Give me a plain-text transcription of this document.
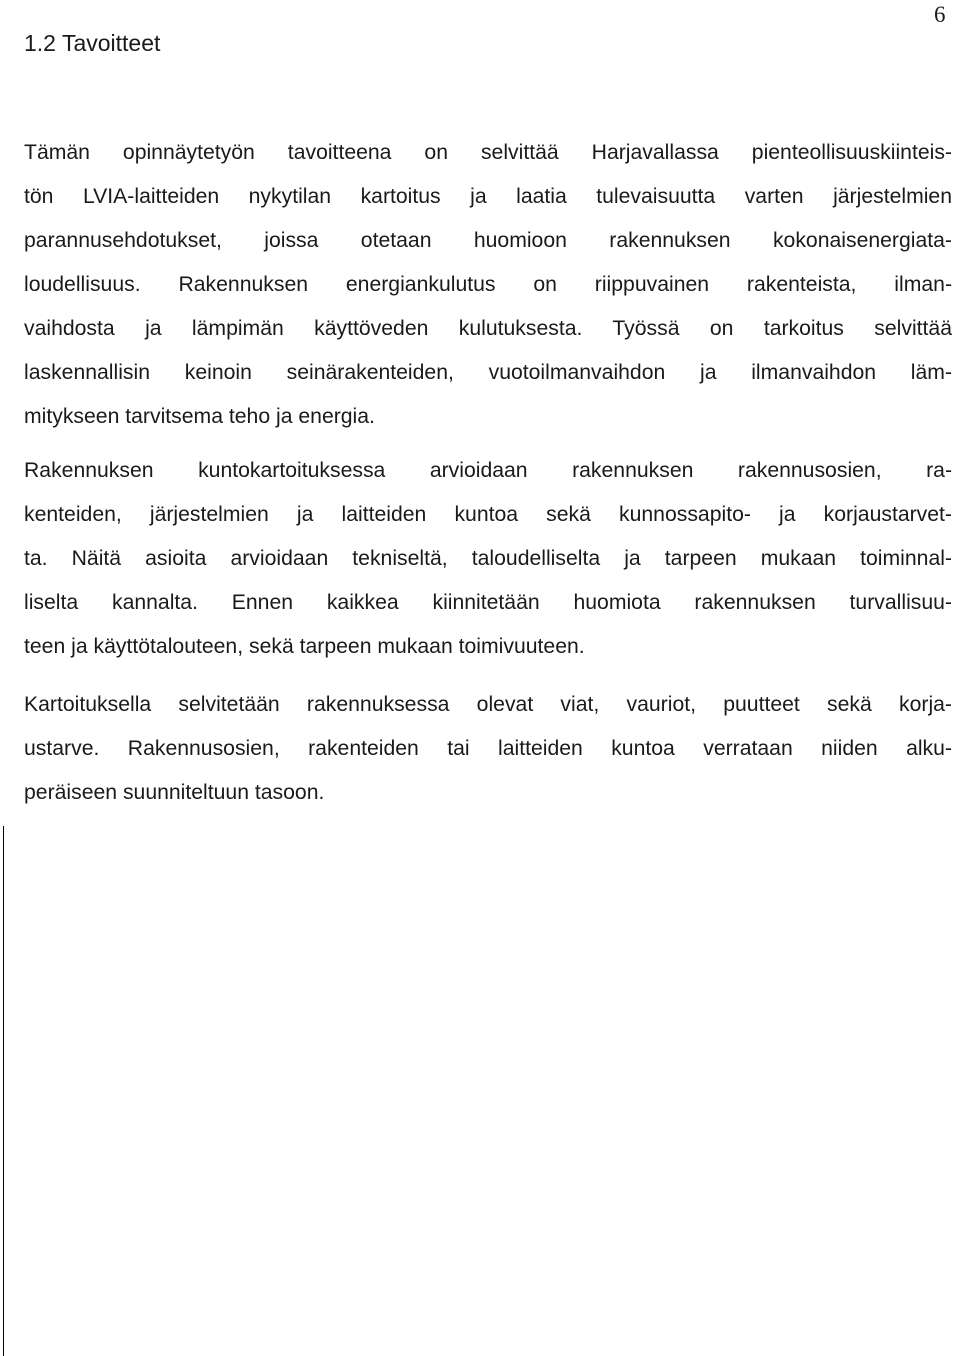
6
1.2 Tavoitteet
Tämän opinnäytetyön tavoitteena on selvittää Harjavallassa pienteollisuuskiinteis-
tön LVIA-laitteiden nykytilan kartoitus ja laatia tulevaisuutta varten järjestelmien
parannusehdotukset, joissa otetaan huomioon rakennuksen kokonaisenergiata-
loudellisuus. Rakennuksen energiankulutus on riippuvainen rakenteista, ilman-
vaihdosta ja lämpimän käyttöveden kulutuksesta. Työssä on tarkoitus selvittää
laskennallisin keinoin seinärakenteiden, vuotoilmanvaihdon ja ilmanvaihdon läm-
mitykseen tarvitsema teho ja energia.
Rakennuksen kuntokartoituksessa arvioidaan rakennuksen rakennusosien, ra-
kenteiden, järjestelmien ja laitteiden kuntoa sekä kunnossapito- ja korjaustarvet-
ta. Näitä asioita arvioidaan tekniseltä, taloudelliselta ja tarpeen mukaan toiminnal-
liselta kannalta. Ennen kaikkea kiinnitetään huomiota rakennuksen turvallisuu-
teen ja käyttötalouteen, sekä tarpeen mukaan toimivuuteen.
Kartoituksella selvitetään rakennuksessa olevat viat, vauriot, puutteet sekä korja-
ustarve. Rakennusosien, rakenteiden tai laitteiden kuntoa verrataan niiden alku-
peräiseen suunniteltuun tasoon.
